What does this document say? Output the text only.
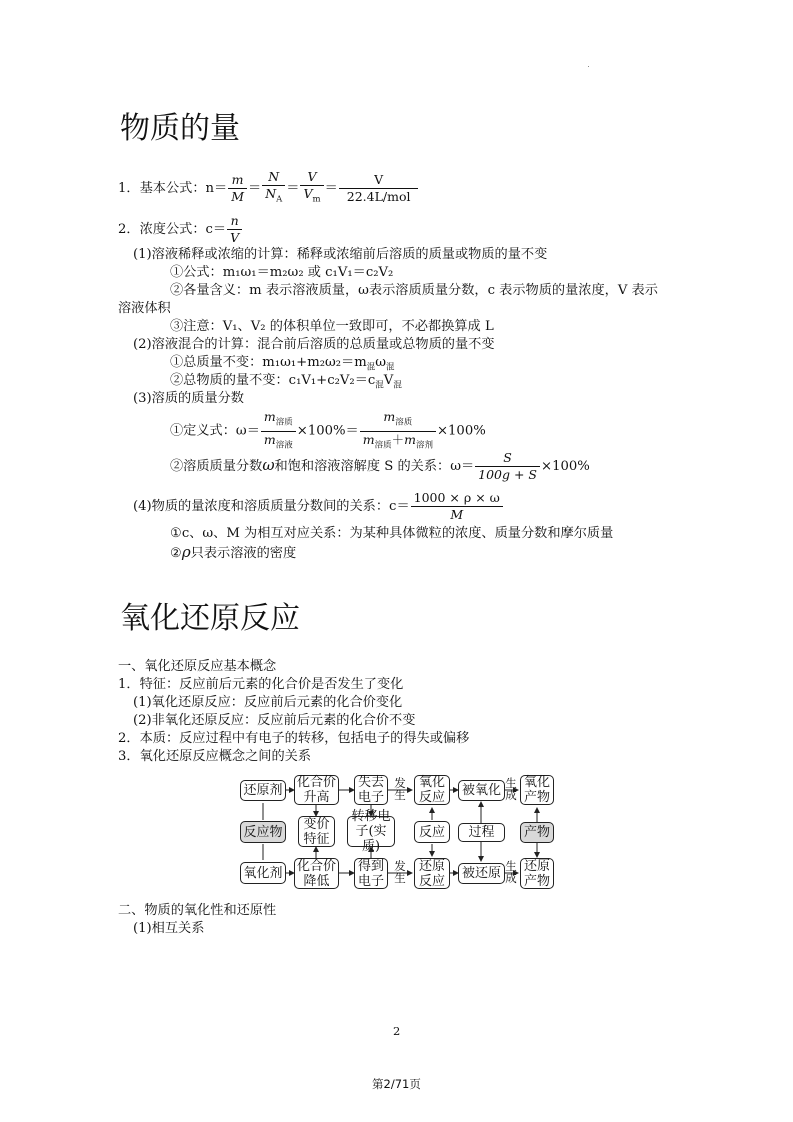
物质的量
1．基本公式：$n= \frac{m}{M} = \frac{N}{N_A} = \frac{V}{V_m} = \frac{V}{\text{22.4L/mol}}$
2．浓度公式：$c= \frac{n}{V}$
(1)溶液稀释或浓缩的计算：稀释或浓缩前后溶质的质量或物质的量不变
①公式：m₁ω₁＝m₂ω₂ 或 c₁V₁＝c₂V₂
②各量含义：m 表示溶液质量，ω表示溶质质量分数，c 表示物质的量浓度，V 表示
溶液体积
③注意：V₁、V₂ 的体积单位一致即可，不必都换算成 L
(2)溶液混合的计算：混合前后溶质的总质量或总物质的量不变
①总质量不变：$m_1\omega_1+m_2\omega_2=m_混\omega_混$
②总物质的量不变：$c_1V_1+c_2V_2=c_混V_混$
(3)溶质的质量分数
①定义式：$\omega= \frac{m_{溶质}}{m_{溶液}} \times 100\%= \frac{m_{溶质}}{m_{溶质}+m_{溶剂}} \times 100\%$
②溶质质量分数ω和饱和溶液溶解度 S 的关系：$\omega= \frac{S}{100g + S} \times 100\%$
(4)物质的量浓度和溶质质量分数间的关系：$c= \frac{1000 \times \rho \times \omega}{M}$
①c、ω、M 为相互对应关系：为某种具体微粒的浓度、质量分数和摩尔质量
②ρ只表示溶液的密度
氧化还原反应
一、氧化还原反应基本概念
1．特征：反应前后元素的化合价是否发生了变化
(1)氧化还原反应：反应前后元素的化合价变化
(2)非氧化还原反应：反应前后元素的化合价不变
2．本质：反应过程中有电子的转移，包括电子的得失或偏移
3．氧化还原反应概念之间的关系
还原剂
化合价
升高
失去
电子
发
生
氧化
反应	被氧化 生
成
氧化
产物
反应物
变价
特征
转移电
子(实质)
反应	过程	产物
氧化剂 化合价
降低
得到
电子
发
生
还原
反应	被还原 生
成
还原
产物
二、物质的氧化性和还原性
(1)相互关系
2
第2/71页
